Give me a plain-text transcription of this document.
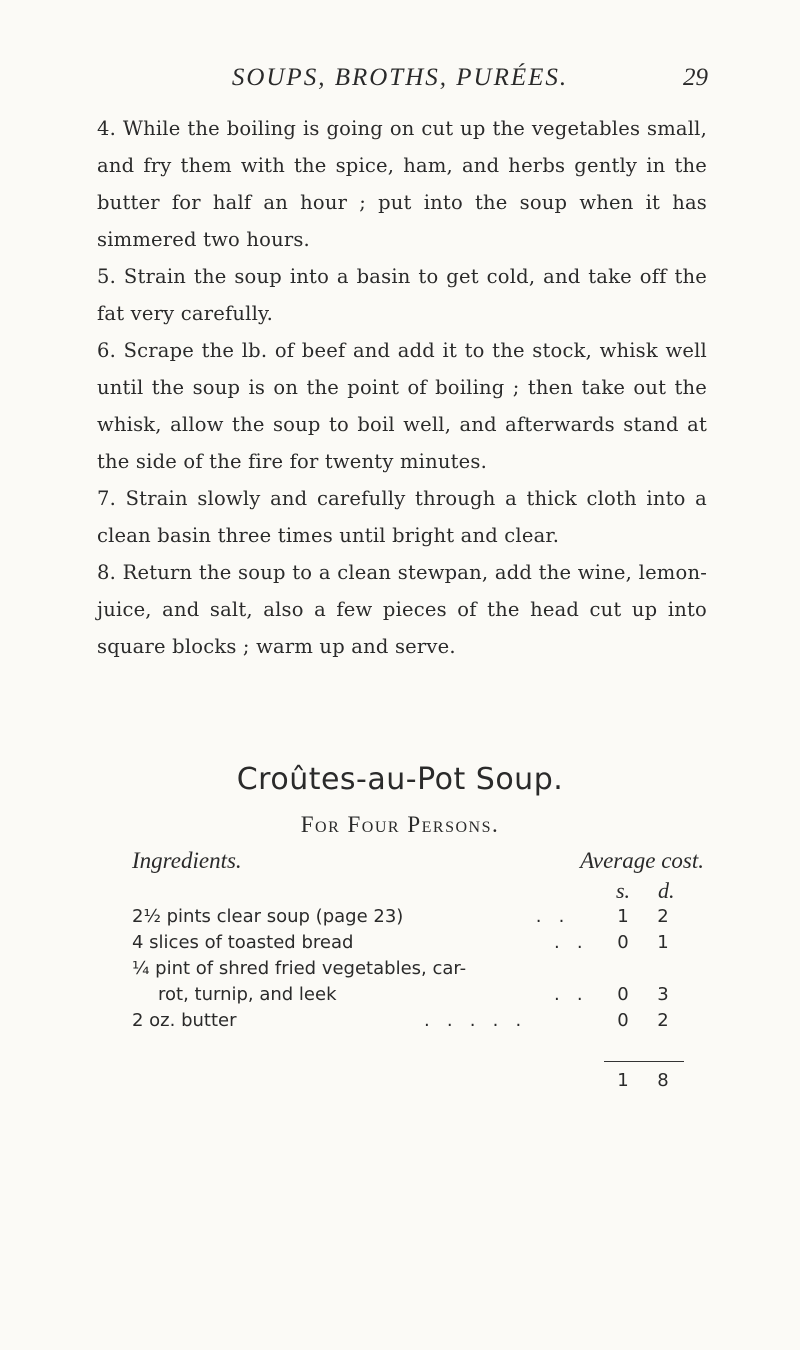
SOUPS, BROTHS, PURÉES.	29

4. While the boiling is going on cut up the vegetables small, and fry them with the spice, ham, and herbs gently in the butter for half an hour ; put into the soup when it has simmered two hours.

5. Strain the soup into a basin to get cold, and take off the fat very carefully.

6. Scrape the lb. of beef and add it to the stock, whisk well until the soup is on the point of boiling ; then take out the whisk, allow the soup to boil well, and afterwards stand at the side of the fire for twenty minutes.

7. Strain slowly and carefully through a thick cloth into a clean basin three times until bright and clear.

8. Return the soup to a clean stewpan, add the wine, lemon-juice, and salt, also a few pieces of the head cut up into square blocks ; warm up and serve.

Croûtes-au-Pot Soup.
For Four Persons.
Ingredients.	Average cost.
s. d.
2½ pints clear soup (page 23)	.   .	1 2
4 slices of toasted bread	.   . 0 1
¼ pint of shred fried vegetables, car-
rot, turnip, and leek	.   . 0 3
2 oz. butter	.   .   .   .   .	0 2
1 8
